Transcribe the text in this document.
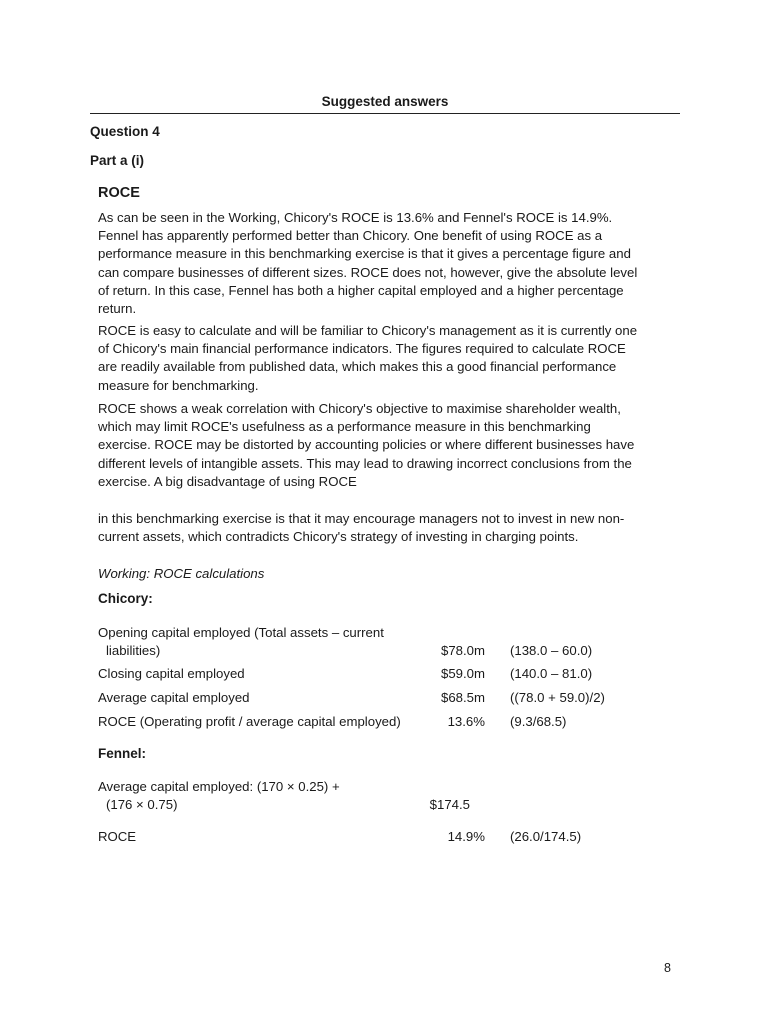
Suggested answers
Question 4
Part a (i)
ROCE

As can be seen in the Working, Chicory's ROCE is 13.6% and Fennel's ROCE is 14.9%. Fennel has apparently performed better than Chicory. One benefit of using ROCE as a performance measure in this benchmarking exercise is that it gives a percentage figure and can compare businesses of different sizes. ROCE does not, however, give the absolute level of return. In this case, Fennel has both a higher capital employed and a higher percentage return.

ROCE is easy to calculate and will be familiar to Chicory's management as it is currently one of Chicory's main financial performance indicators. The figures required to calculate ROCE are readily available from published data, which makes this a good financial performance measure for benchmarking.

ROCE shows a weak correlation with Chicory's objective to maximise shareholder wealth, which may limit ROCE's usefulness as a performance measure in this benchmarking exercise. ROCE may be distorted by accounting policies or where different businesses have different levels of intangible assets. This may lead to drawing incorrect conclusions from the exercise. A big disadvantage of using ROCE

in this benchmarking exercise is that it may encourage managers not to invest in new non-current assets, which contradicts Chicory's strategy of investing in charging points.

Working: ROCE calculations
Chicory:
Opening capital employed (Total assets – current
liabilities)	$78.0m (138.0 – 60.0)
Closing capital employed	$59.0m (140.0 – 81.0)
Average capital employed	$68.5m ((78.0 + 59.0)/2)
ROCE (Operating profit / average capital employed)	13.6% (9.3/68.5)
Fennel:
Average capital employed: (170 × 0.25) +
(176 × 0.75)	$174.5
ROCE	14.9% (26.0/174.5)
8
